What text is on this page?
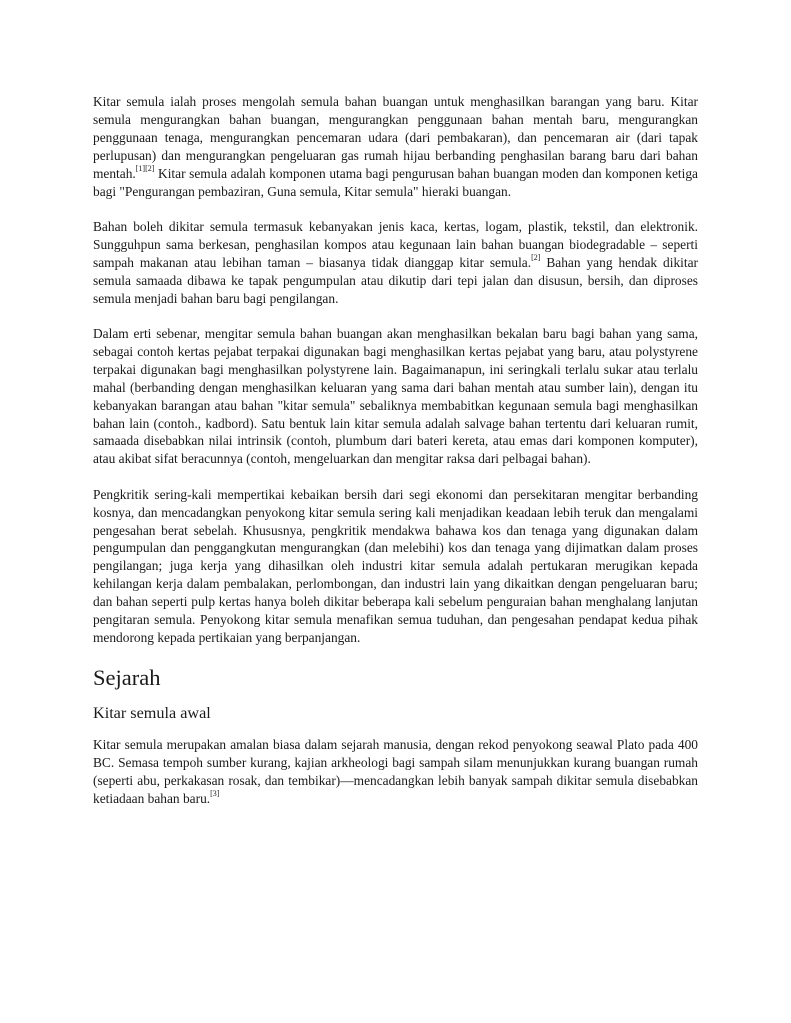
Kitar semula ialah proses mengolah semula bahan buangan untuk menghasilkan barangan yang baru. Kitar semula mengurangkan bahan buangan, mengurangkan penggunaan bahan mentah baru, mengurangkan penggunaan tenaga, mengurangkan pencemaran udara (dari pembakaran), dan pencemaran air (dari tapak perlupusan) dan mengurangkan pengeluaran gas rumah hijau berbanding penghasilan barang baru dari bahan mentah.[1][2] Kitar semula adalah komponen utama bagi pengurusan bahan buangan moden dan komponen ketiga bagi "Pengurangan pembaziran, Guna semula, Kitar semula" hieraki buangan.

Bahan boleh dikitar semula termasuk kebanyakan jenis kaca, kertas, logam, plastik, tekstil, dan elektronik. Sungguhpun sama berkesan, penghasilan kompos atau kegunaan lain bahan buangan biodegradable – seperti sampah makanan atau lebihan taman – biasanya tidak dianggap kitar semula.[2] Bahan yang hendak dikitar semula samaada dibawa ke tapak pengumpulan atau dikutip dari tepi jalan dan disusun, bersih, dan diproses semula menjadi bahan baru bagi pengilangan.

Dalam erti sebenar, mengitar semula bahan buangan akan menghasilkan bekalan baru bagi bahan yang sama, sebagai contoh kertas pejabat terpakai digunakan bagi menghasilkan kertas pejabat yang baru, atau polystyrene terpakai digunakan bagi menghasilkan polystyrene lain. Bagaimanapun, ini seringkali terlalu sukar atau terlalu mahal (berbanding dengan menghasilkan keluaran yang sama dari bahan mentah atau sumber lain), dengan itu kebanyakan barangan atau bahan "kitar semula" sebaliknya membabitkan kegunaan semula bagi menghasilkan bahan lain (contoh., kadbord). Satu bentuk lain kitar semula adalah salvage bahan tertentu dari keluaran rumit, samaada disebabkan nilai intrinsik (contoh, plumbum dari bateri kereta, atau emas dari komponen komputer), atau akibat sifat beracunnya (contoh, mengeluarkan dan mengitar raksa dari pelbagai bahan).

Pengkritik sering-kali mempertikai kebaikan bersih dari segi ekonomi dan persekitaran mengitar berbanding kosnya, dan mencadangkan penyokong kitar semula sering kali menjadikan keadaan lebih teruk dan mengalami pengesahan berat sebelah. Khususnya, pengkritik mendakwa bahawa kos dan tenaga yang digunakan dalam pengumpulan dan penggangkutan mengurangkan (dan melebihi) kos dan tenaga yang dijimatkan dalam proses pengilangan; juga kerja yang dihasilkan oleh industri kitar semula adalah pertukaran merugikan kepada kehilangan kerja dalam pembalakan, perlombongan, dan industri lain yang dikaitkan dengan pengeluaran baru; dan bahan seperti pulp kertas hanya boleh dikitar beberapa kali sebelum penguraian bahan menghalang lanjutan pengitaran semula. Penyokong kitar semula menafikan semua tuduhan, dan pengesahan pendapat kedua pihak mendorong kepada pertikaian yang berpanjangan.

Sejarah
Kitar semula awal

Kitar semula merupakan amalan biasa dalam sejarah manusia, dengan rekod penyokong seawal Plato pada 400 BC. Semasa tempoh sumber kurang, kajian arkheologi bagi sampah silam menunjukkan kurang buangan rumah (seperti abu, perkakasan rosak, dan tembikar)—mencadangkan lebih banyak sampah dikitar semula disebabkan ketiadaan bahan baru.[3]
